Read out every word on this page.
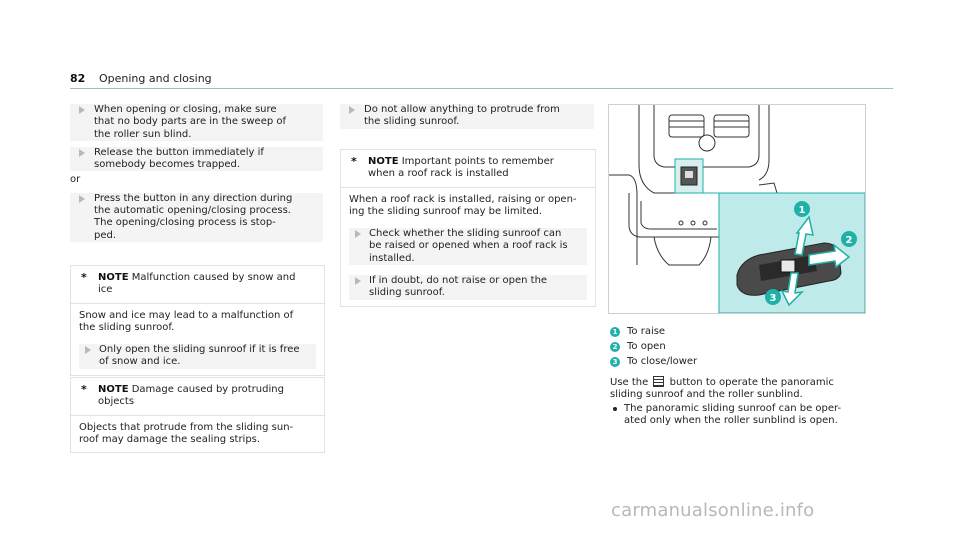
82 Opening and closing
When opening or closing, make sure
that no body parts are in the sweep of
the roller sun blind.
Release the button immediately if
somebody becomes trapped.
or
Press the button in any direction during
the automatic opening/closing process.
The opening/closing process is stop-
ped.
* NOTE Malfunction caused by snow and
ice
Snow and ice may lead to a malfunction of
the sliding sunroof.
Only open the sliding sunroof if it is free
of snow and ice.
* NOTE Damage caused by protruding
objects
Objects that protrude from the sliding sun-
roof may damage the sealing strips.
Do not allow anything to protrude from
the sliding sunroof.
* NOTE Important points to remember
when a roof rack is installed
When a roof rack is installed, raising or open-
ing the sliding sunroof may be limited.
Check whether the sliding sunroof can
be raised or opened when a roof rack is
installed.
If in doubt, do not raise or open the
sliding sunroof.
1
2
3
1 To raise
2 To open
3 To close/lower
Use the button to operate the panoramic
sliding sunroof and the roller sunblind.
The panoramic sliding sunroof can be oper-
ated only when the roller sunblind is open.
carmanualsonline.info
